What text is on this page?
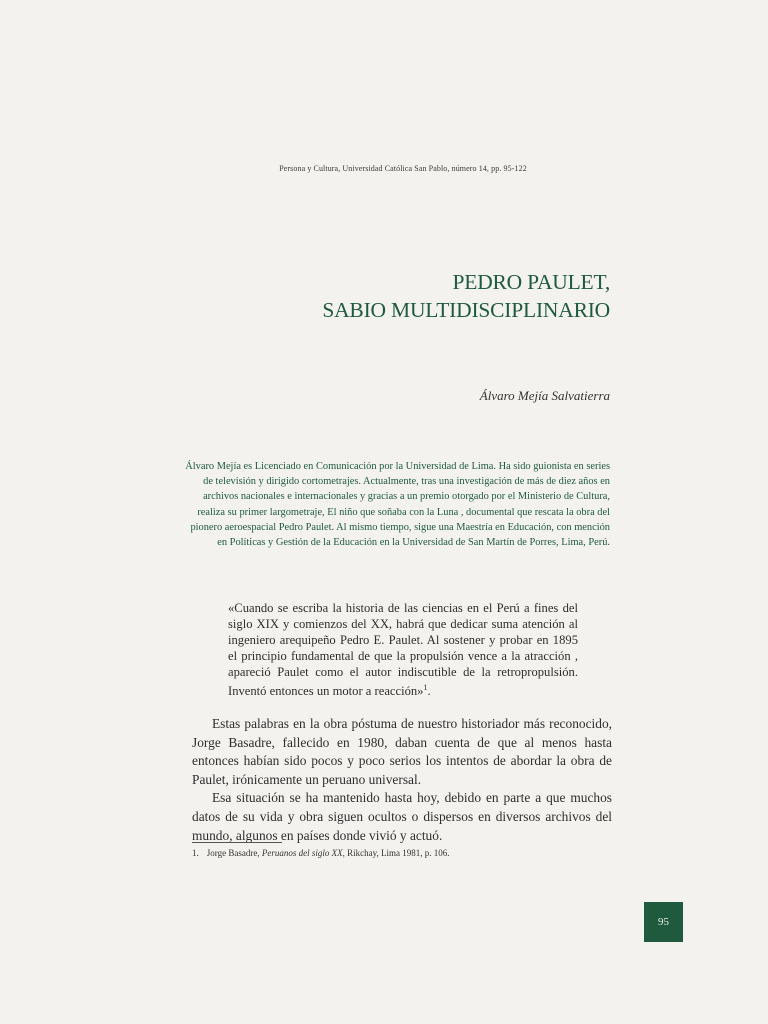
Persona y Cultura, Universidad Católica San Pablo, número 14, pp. 95-122
PEDRO PAULET,
SABIO MULTIDISCIPLINARIO
Álvaro Mejía Salvatierra
Álvaro Mejía es Licenciado en Comunicación por la Universidad de Lima. Ha sido guionista en series de televisión y dirigido cortometrajes. Actualmente, tras una investigación de más de diez años en archivos nacionales e internacionales y gracias a un premio otorgado por el Ministerio de Cultura, realiza su primer largometraje, El niño que soñaba con la Luna , documental que rescata la obra del pionero aeroespacial Pedro Paulet. Al mismo tiempo, sigue una Maestría en Educación, con mención en Políticas y Gestión de la Educación en la Universidad de San Martín de Porres, Lima, Perú.
«Cuando se escriba la historia de las ciencias en el Perú a fines del siglo XIX y comienzos del XX, habrá que dedicar suma atención al ingeniero arequipeño Pedro E. Paulet. Al sostener y probar en 1895 el principio fundamental de que la propulsión vence a la atracción , apareció Paulet como el autor indiscutible de la retropropulsión. Inventó entonces un motor a reacción»$^1$.

Estas palabras en la obra póstuma de nuestro historiador más reconocido, Jorge Basadre, fallecido en 1980, daban cuenta de que al menos hasta entonces habían sido pocos y poco serios los intentos de abordar la obra de Paulet, irónicamente un peruano universal.

Esa situación se ha mantenido hasta hoy, debido en parte a que muchos datos de su vida y obra siguen ocultos o dispersos en diversos archivos del mundo, algunos en países donde vivió y actuó.

1. Jorge Basadre, Peruanos del siglo XX, Rikchay, Lima 1981, p. 106.
95
